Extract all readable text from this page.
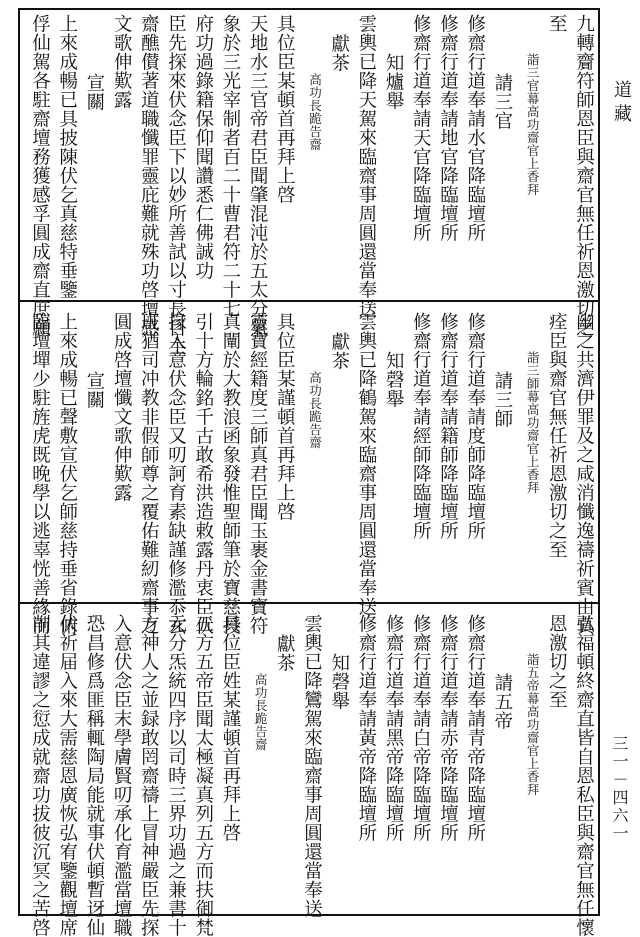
九轉齎符師恩臣與齋官無任祈恩激切之
至
詣三官幕高功齋官上香拜
請三官
修齋行道奉請水官降臨壇所
修齋行道奉請地官降臨壇所
修齋行道奉請天官降臨壇所
知爐舉
雲輿已降天駕來臨齋事周圓還當奉送
獻茶
高功長跪告齋
具位臣某頓首再拜上啓
天地水三官帝君臣聞肇混沌於五太分氣
象於三光宰制者百二十曹君符二十七
府功過錄籍保仰聞讚悉仁佛誠功
臣先探來伏念臣下以妙所善試以寸長目主
齋醮儧著道職懺罪靈庇難就殊功啓壇感
文歌伸歎露
宣關
上來成暢已具披陳伏乞真慈特垂鑒
俘仙駕各駐齋壇務獲感孚圓成齋直庶願
幽之共濟伊罪及之咸消懺逸禱祈賓由真
痊臣與齋官無任祈恩激切之至
詣三師幕高功齋官上香拜
請三師
修齋行道奉請度師降臨壇所
修齋行道奉請籍師降臨壇所
修齋行道奉請經師降臨壇所
知磬舉
雲輿已降鶴駕來臨齋事周圓還當奉送
獻茶
高功長跪告齋
具位臣某謹頓首再拜上啓
靈寶經籍度三師真君臣聞玉裹金書寶符
真闡於大教浪函象發惟聖師筆於寶慈授
引十方輪銘千古敢希洪造敕露丹衷臣伏
掾入意伏念臣又叨訶育素缺謹修濫忝玄
班猶司冲教非假師尊之覆佑難紉齋事之
圓成啓壇懺文歌伸歎露
宣關
上來成暢已聲敷宣伏乞師慈持垂省錄俯
臨壇墠少駐旌虎既晚學以逃辜恍善緣而
弘福頓終齋直皆自恩私臣與齋官無任懷
恩激切之至
詣五帝幕高功齋官上香拜
請五帝
修齋行道奉請青帝降臨壇所
修齋行道奉請赤帝降臨壇所
修齋行道奉請白帝降臨壇所
修齋行道奉請黑帝降臨壇所
修齋行道奉請黃帝降臨壇所
知磬舉
雲輿已降鸞駕來臨齋事周圓還當奉送
獻茶
高功長跪告齋
具位臣姓某謹頓首再拜上啓
五方五帝臣聞太極凝真列五方而扶御梵
元分炁統四序以司時三界功過之兼書十
方神人之並録敢罔齋禱上冒神嚴臣先探
入意伏念臣末學膚賢叨承化育濫當壇職
恐昌修爲匪稱輒陶局能就事伏頓暫迓仙
伏祈届入來大需慈恩廣恢弘宥鑒觀壇席
削其違謬之愆成就齋功拔彼沉冥之苦啓
道藏
三一－四六一
